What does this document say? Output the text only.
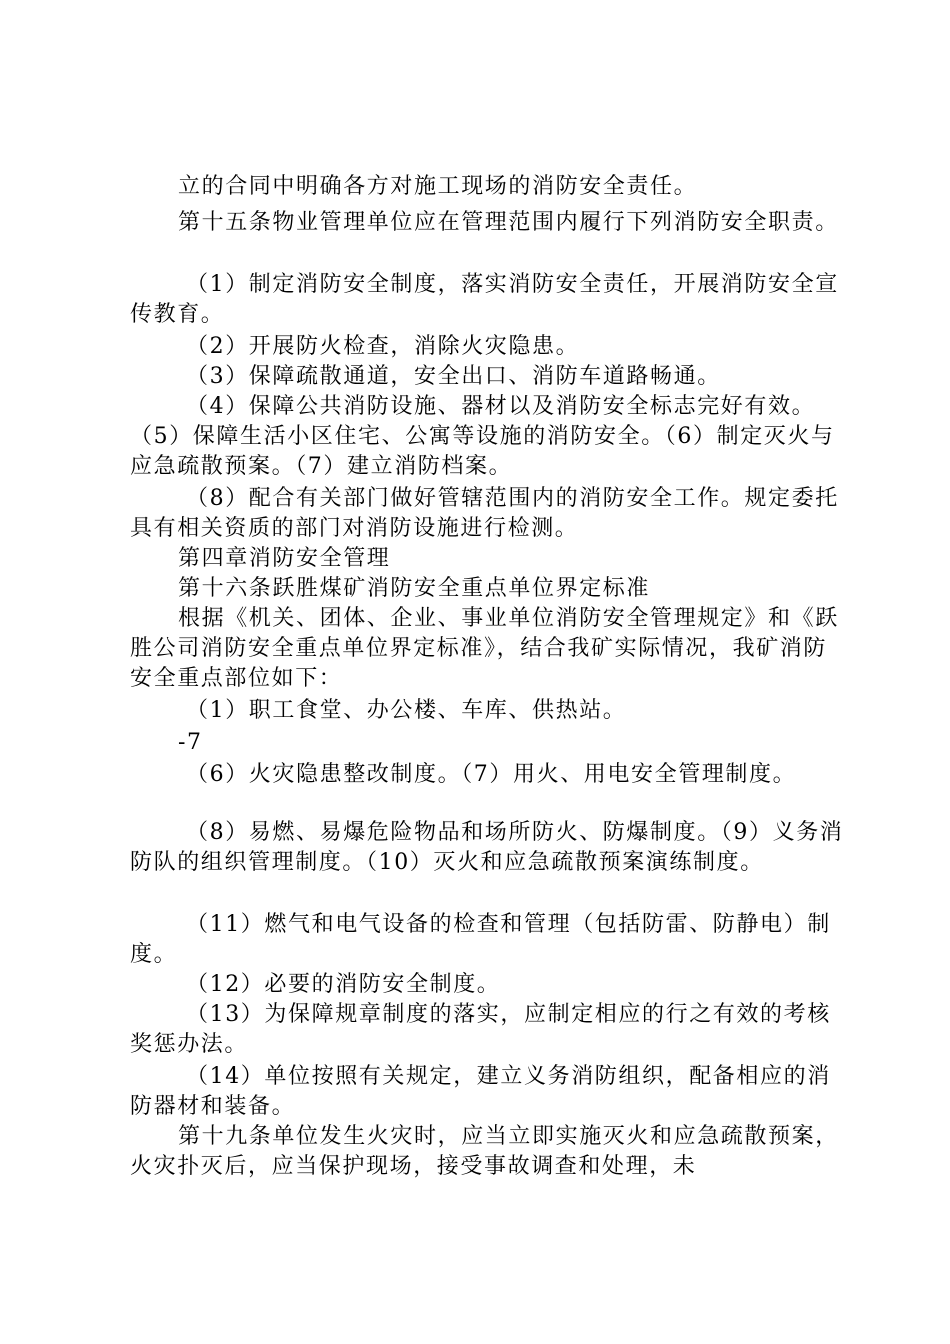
立的合同中明确各方对施工现场的消防安全责任。
第十五条物业管理单位应在管理范围内履行下列消防安全职责。
（1）制定消防安全制度，落实消防安全责任，开展消防安全宣传教育。
（2）开展防火检查，消除火灾隐患。
（3）保障疏散通道，安全出口、消防车道路畅通。
（4）保障公共消防设施、器材以及消防安全标志完好有效。（5）保障生活小区住宅、公寓等设施的消防安全。（6）制定灭火与应急疏散预案。（7）建立消防档案。
（8）配合有关部门做好管辖范围内的消防安全工作。规定委托具有相关资质的部门对消防设施进行检测。
第四章消防安全管理
第十六条跃胜煤矿消防安全重点单位界定标准
根据《机关、团体、企业、事业单位消防安全管理规定》和《跃胜公司消防安全重点单位界定标准》，结合我矿实际情况，我矿消防安全重点部位如下：
（1）职工食堂、办公楼、车库、供热站。
-7
（6）火灾隐患整改制度。（7）用火、用电安全管理制度。
（8）易燃、易爆危险物品和场所防火、防爆制度。（9）义务消防队的组织管理制度。（10）灭火和应急疏散预案演练制度。
（11）燃气和电气设备的检查和管理（包括防雷、防静电）制度。
（12）必要的消防安全制度。
（13）为保障规章制度的落实，应制定相应的行之有效的考核奖惩办法。
（14）单位按照有关规定，建立义务消防组织，配备相应的消防器材和装备。
第十九条单位发生火灾时，应当立即实施灭火和应急疏散预案，火灾扑灭后，应当保护现场，接受事故调查和处理，未
